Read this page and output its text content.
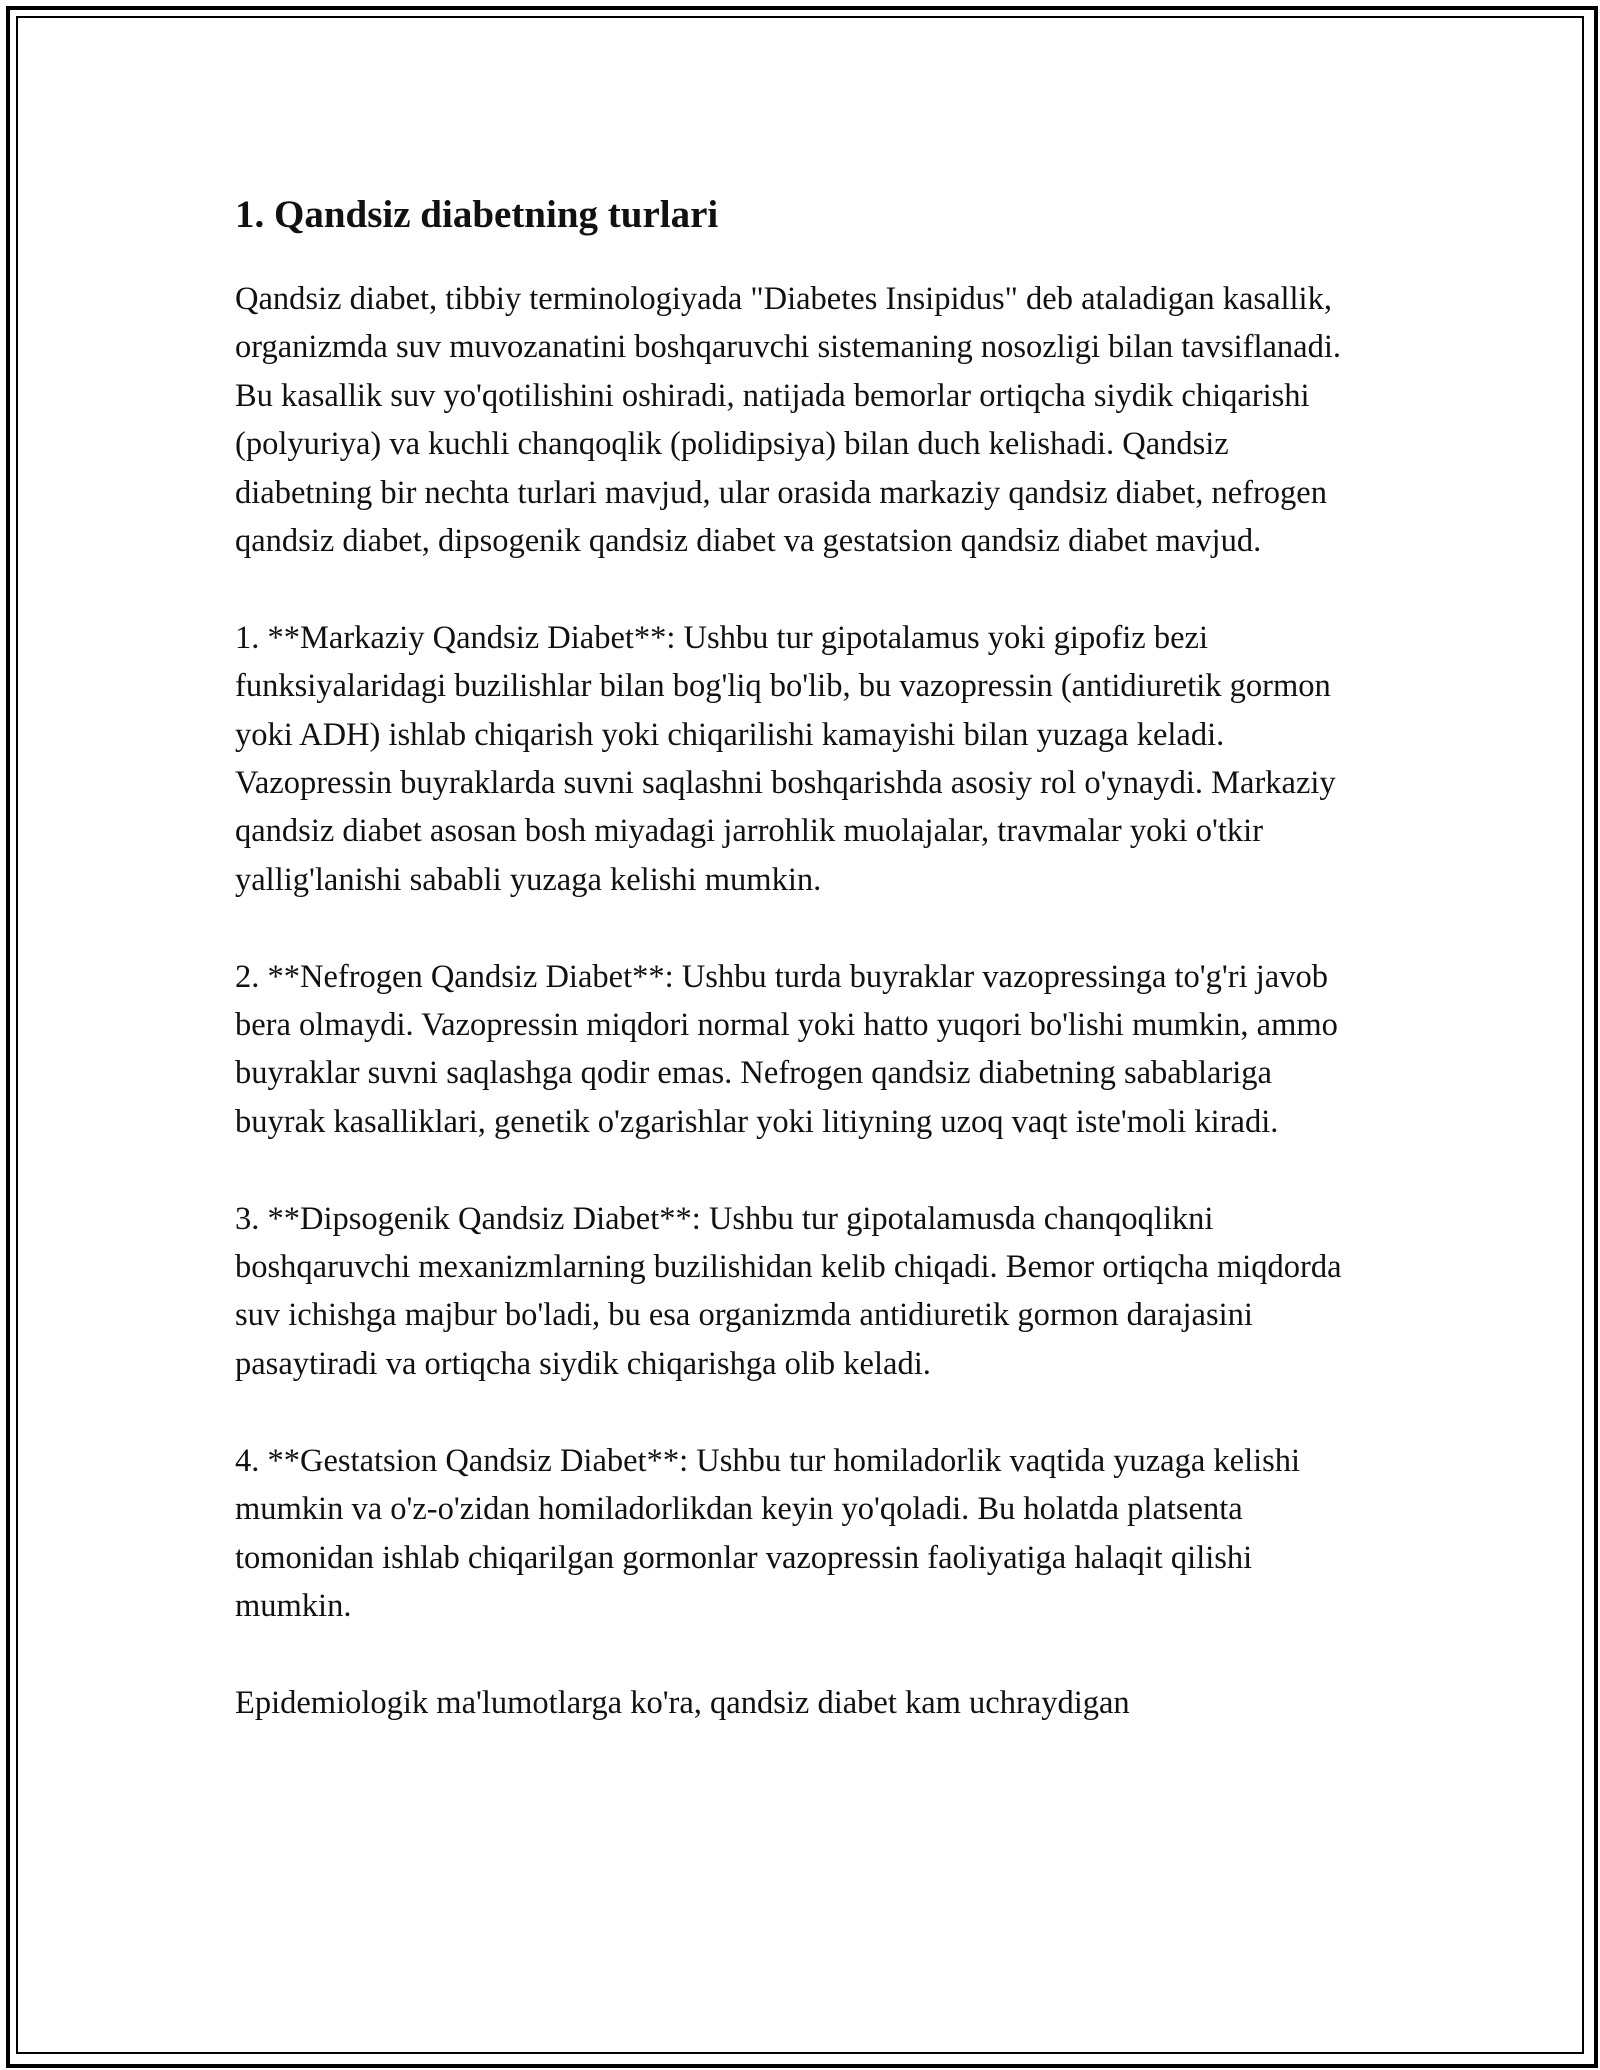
1. Qandsiz diabetning turlari

Qandsiz diabet, tibbiy terminologiyada "Diabetes Insipidus" deb ataladigan kasallik, organizmda suv muvozanatini boshqaruvchi sistemaning nosozligi bilan tavsiflanadi. Bu kasallik suv yo'qotilishini oshiradi, natijada bemorlar ortiqcha siydik chiqarishi (polyuriya) va kuchli chanqoqlik (polidipsiya) bilan duch kelishadi. Qandsiz diabetning bir nechta turlari mavjud, ular orasida markaziy qandsiz diabet, nefrogen qandsiz diabet, dipsogenik qandsiz diabet va gestatsion qandsiz diabet mavjud.

1. **Markaziy Qandsiz Diabet**: Ushbu tur gipotalamus yoki gipofiz bezi funksiyalaridagi buzilishlar bilan bog'liq bo'lib, bu vazopressin (antidiuretik gormon yoki ADH) ishlab chiqarish yoki chiqarilishi kamayishi bilan yuzaga keladi. Vazopressin buyraklarda suvni saqlashni boshqarishda asosiy rol o'ynaydi. Markaziy qandsiz diabet asosan bosh miyadagi jarrohlik muolajalar, travmalar yoki o'tkir yallig'lanishi sababli yuzaga kelishi mumkin.

2. **Nefrogen Qandsiz Diabet**: Ushbu turda buyraklar vazopressinga to'g'ri javob bera olmaydi. Vazopressin miqdori normal yoki hatto yuqori bo'lishi mumkin, ammo buyraklar suvni saqlashga qodir emas. Nefrogen qandsiz diabetning sabablariga buyrak kasalliklari, genetik o'zgarishlar yoki litiyning uzoq vaqt iste'moli kiradi.

3. **Dipsogenik Qandsiz Diabet**: Ushbu tur gipotalamusda chanqoqlikni boshqaruvchi mexanizmlarning buzilishidan kelib chiqadi. Bemor ortiqcha miqdorda suv ichishga majbur bo'ladi, bu esa organizmda antidiuretik gormon darajasini pasaytiradi va ortiqcha siydik chiqarishga olib keladi.

4. **Gestatsion Qandsiz Diabet**: Ushbu tur homiladorlik vaqtida yuzaga kelishi mumkin va o'z-o'zidan homiladorlikdan keyin yo'qoladi. Bu holatda platsenta tomonidan ishlab chiqarilgan gormonlar vazopressin faoliyatiga halaqit qilishi mumkin.

Epidemiologik ma'lumotlarga ko'ra, qandsiz diabet kam uchraydigan
